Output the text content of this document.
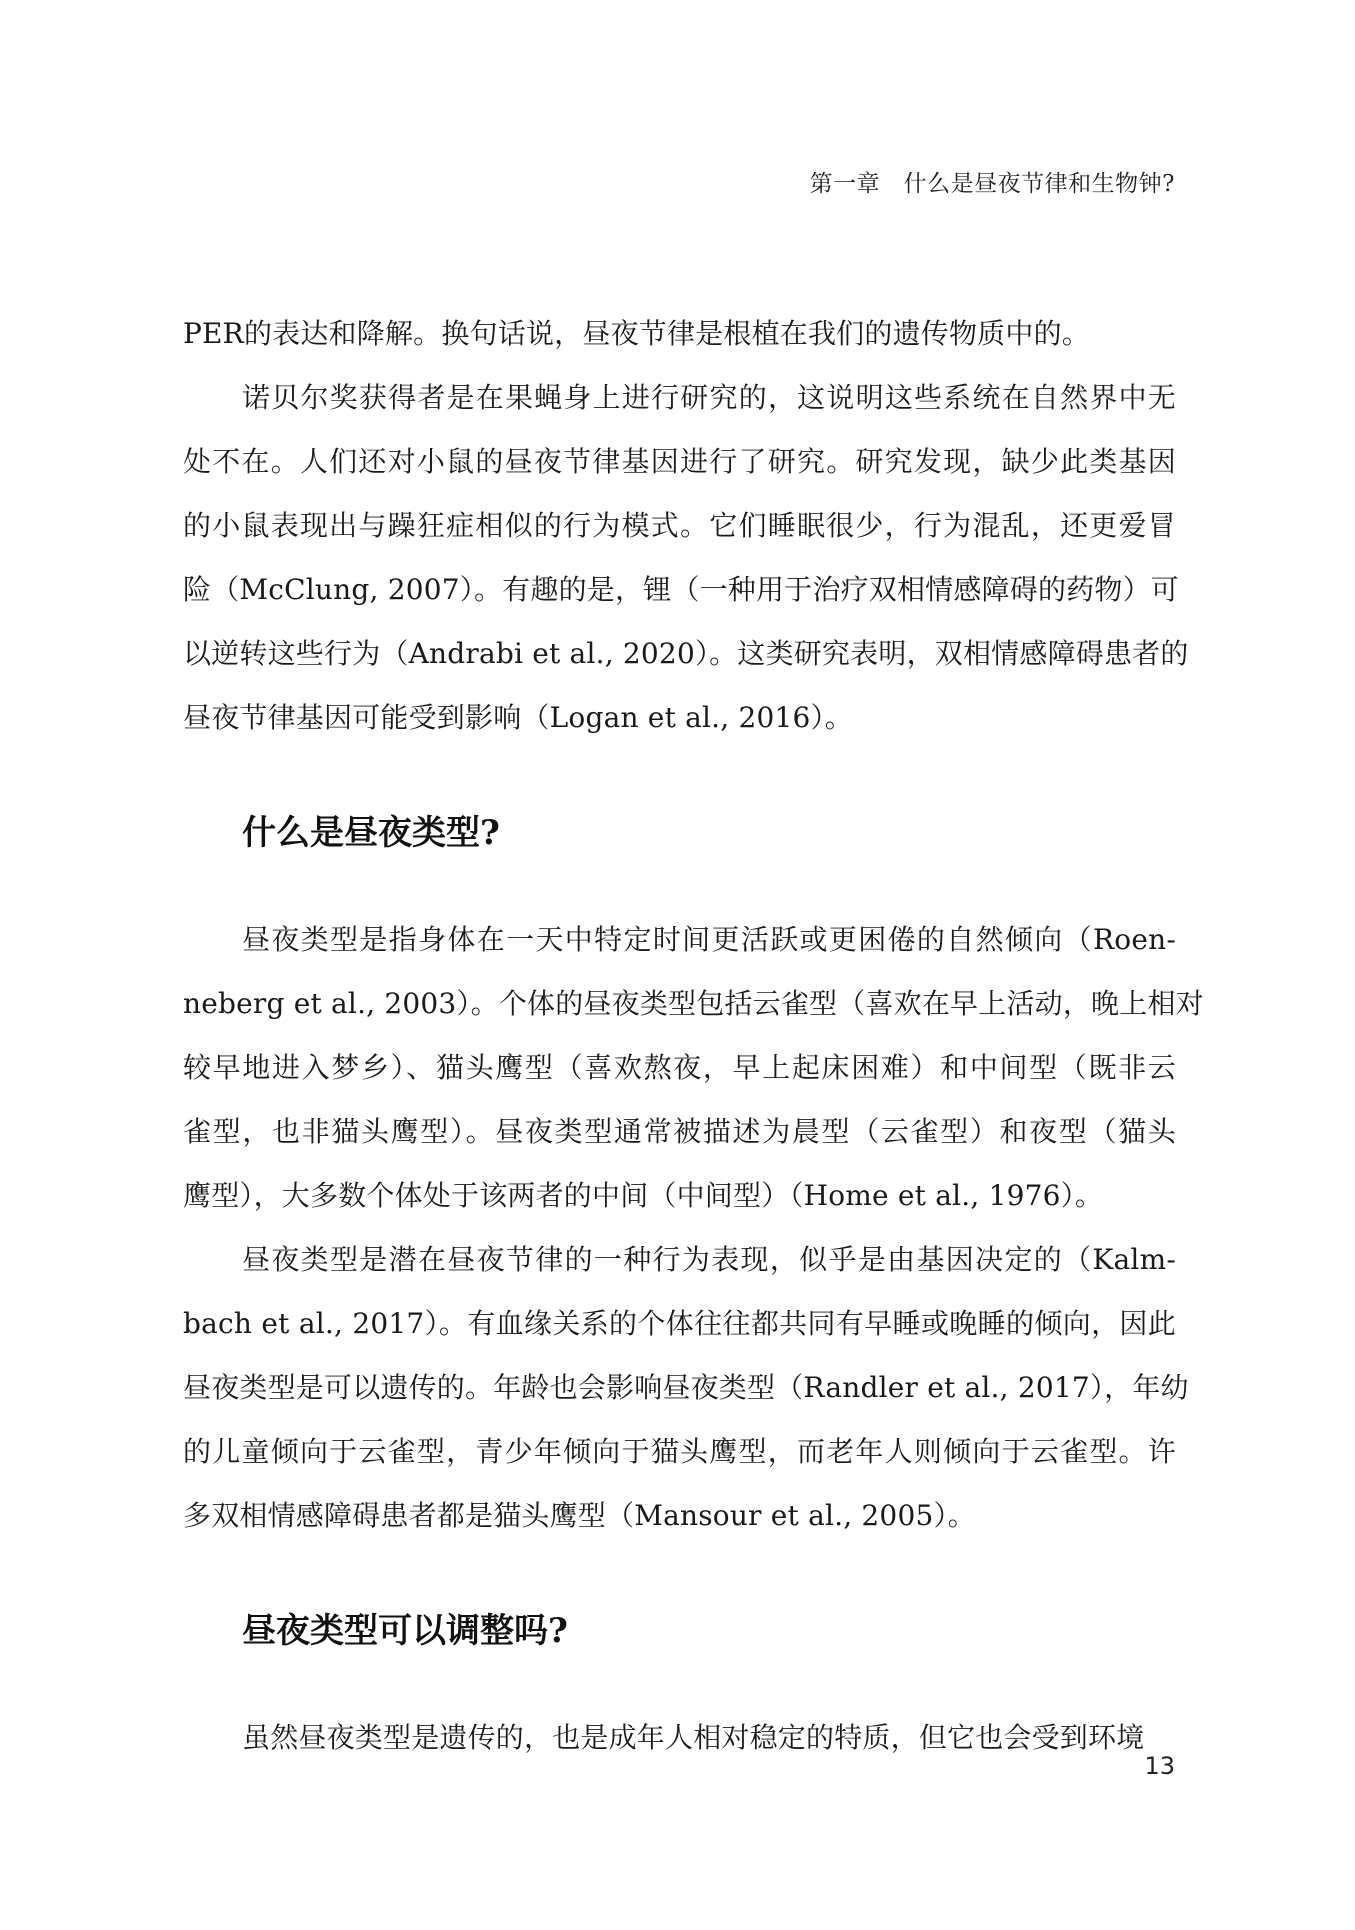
第一章　什么是昼夜节律和生物钟?
PER的表达和降解。换句话说，昼夜节律是根植在我们的遗传物质中的。
诺贝尔奖获得者是在果蝇身上进行研究的，这说明这些系统在自然界中无
处不在。人们还对小鼠的昼夜节律基因进行了研究。研究发现，缺少此类基因
的小鼠表现出与躁狂症相似的行为模式。它们睡眠很少，行为混乱，还更爱冒
险（McClung, 2007）。有趣的是，锂（一种用于治疗双相情感障碍的药物）可
以逆转这些行为（Andrabi et al., 2020）。这类研究表明，双相情感障碍患者的
昼夜节律基因可能受到影响（Logan et al., 2016）。
什么是昼夜类型?
昼夜类型是指身体在一天中特定时间更活跃或更困倦的自然倾向（Roen-
neberg et al., 2003）。个体的昼夜类型包括云雀型（喜欢在早上活动，晚上相对
较早地进入梦乡）、猫头鹰型（喜欢熬夜，早上起床困难）和中间型（既非云
雀型，也非猫头鹰型）。昼夜类型通常被描述为晨型（云雀型）和夜型（猫头
鹰型），大多数个体处于该两者的中间（中间型）（Home et al., 1976）。
昼夜类型是潜在昼夜节律的一种行为表现，似乎是由基因决定的（Kalm-
bach et al., 2017）。有血缘关系的个体往往都共同有早睡或晚睡的倾向，因此
昼夜类型是可以遗传的。年龄也会影响昼夜类型（Randler et al., 2017），年幼
的儿童倾向于云雀型，青少年倾向于猫头鹰型，而老年人则倾向于云雀型。许
多双相情感障碍患者都是猫头鹰型（Mansour et al., 2005）。
昼夜类型可以调整吗?
虽然昼夜类型是遗传的，也是成年人相对稳定的特质，但它也会受到环境
13
